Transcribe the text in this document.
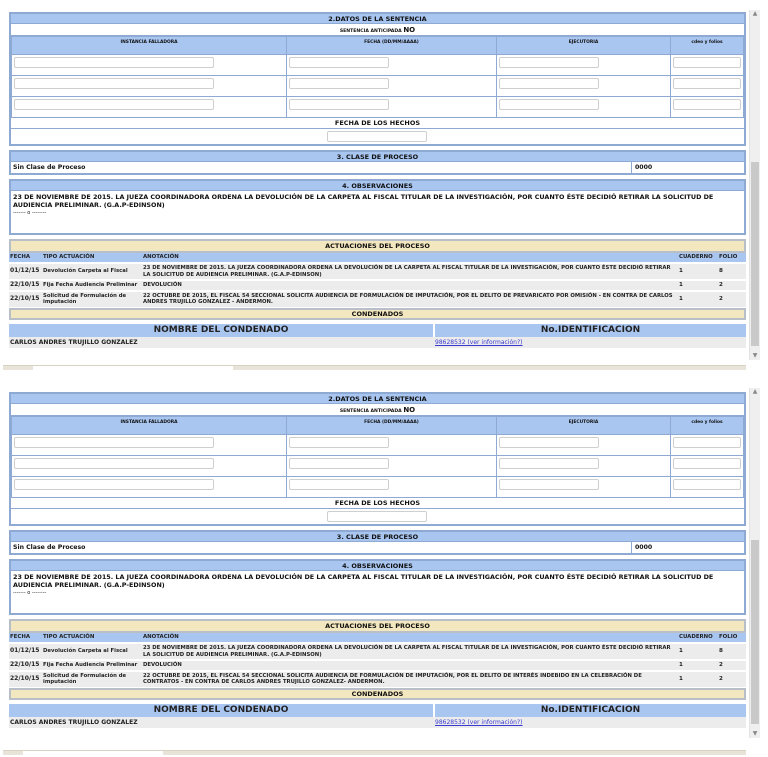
2.DATOS DE LA SENTENCIA
SENTENCIA ANTICIPADA NO
INSTANCIA FALLADORA	FECHA (DD/MM/AAAA)	EJECUTORIA	cdeo y folios

FECHA DE LOS HECHOS
3. CLASE DE PROCESO
Sin Clase de Proceso	0000
4. OBSERVACIONES
23 DE NOVIEMBRE DE 2015. LA JUEZA COORDINADORA ORDENA LA DEVOLUCIÓN DE LA CARPETA AL FISCAL TITULAR DE LA INVESTIGACIÓN, POR CUANTO ÉSTE DECIDIÓ RETIRAR LA SOLICITUD DE AUDIENCIA PRELIMINAR. (G.A.P-EDINSON)
------- o --------
ACTUACIONES DEL PROCESO
FECHA	TIPO ACTUACIÓN	ANOTACIÓN	CUADERNO	FOLIO
01/12/15	Devolución Carpeta al Fiscal	23 DE NOVIEMBRE DE 2015. LA JUEZA COORDINADORA ORDENA LA DEVOLUCIÓN DE LA CARPETA AL FISCAL TITULAR DE LA INVESTIGACIÓN, POR CUANTO ÉSTE DECIDIÓ RETIRAR LA SOLICITUD DE AUDIENCIA PRELIMINAR. (G.A.P-EDINSON)	1	8
22/10/15	Fija Fecha Audiencia Preliminar	DEVOLUCIÓN	1	2
22/10/15	Solicitud de Formulación de imputación	22 OCTUBRE DE 2015, EL FISCAL 54 SECCIONAL SOLICITA AUDIENCIA DE FORMULACIÓN DE IMPUTACIÓN, POR EL DELITO DE PREVARICATO POR OMISIÓN - EN CONTRA DE CARLOS ANDRES TRUJILLO GONZALEZ - ANDERMON.	1	2
CONDENADOS
NOMBRE DEL CONDENADO	No.IDENTIFICACION
CARLOS ANDRES TRUJILLO GONZALEZ	98628532 (ver información?)
▲
▼
2.DATOS DE LA SENTENCIA
SENTENCIA ANTICIPADA NO
INSTANCIA FALLADORA	FECHA (DD/MM/AAAA)	EJECUTORIA	cdeo y folios

FECHA DE LOS HECHOS
3. CLASE DE PROCESO
Sin Clase de Proceso	0000
4. OBSERVACIONES
23 DE NOVIEMBRE DE 2015. LA JUEZA COORDINADORA ORDENA LA DEVOLUCIÓN DE LA CARPETA AL FISCAL TITULAR DE LA INVESTIGACIÓN, POR CUANTO ÉSTE DECIDIÓ RETIRAR LA SOLICITUD DE AUDIENCIA PRELIMINAR. (G.A.P-EDINSON)
------- o --------
ACTUACIONES DEL PROCESO
FECHA	TIPO ACTUACIÓN	ANOTACIÓN	CUADERNO	FOLIO
01/12/15	Devolución Carpeta al Fiscal	23 DE NOVIEMBRE DE 2015. LA JUEZA COORDINADORA ORDENA LA DEVOLUCIÓN DE LA CARPETA AL FISCAL TITULAR DE LA INVESTIGACIÓN, POR CUANTO ÉSTE DECIDIÓ RETIRAR LA SOLICITUD DE AUDIENCIA PRELIMINAR. (G.A.P-EDINSON)	1	8
22/10/15	Fija Fecha Audiencia Preliminar	DEVOLUCIÓN	1	2
22/10/15	Solicitud de Formulación de imputación	22 OCTUBRE DE 2015, EL FISCAL 54 SECCIONAL SOLICITA AUDIENCIA DE FORMULACIÓN DE IMPUTACIÓN, POR EL DELITO DE INTERÉS INDEBIDO EN LA CELEBRACIÓN DE CONTRATOS - EN CONTRA DE CARLOS ANDRES TRUJILLO GONZALEZ- ANDERMON.	1	2
CONDENADOS
NOMBRE DEL CONDENADO	No.IDENTIFICACION
CARLOS ANDRES TRUJILLO GONZALEZ	98628532 (ver información?)
▲
▼
